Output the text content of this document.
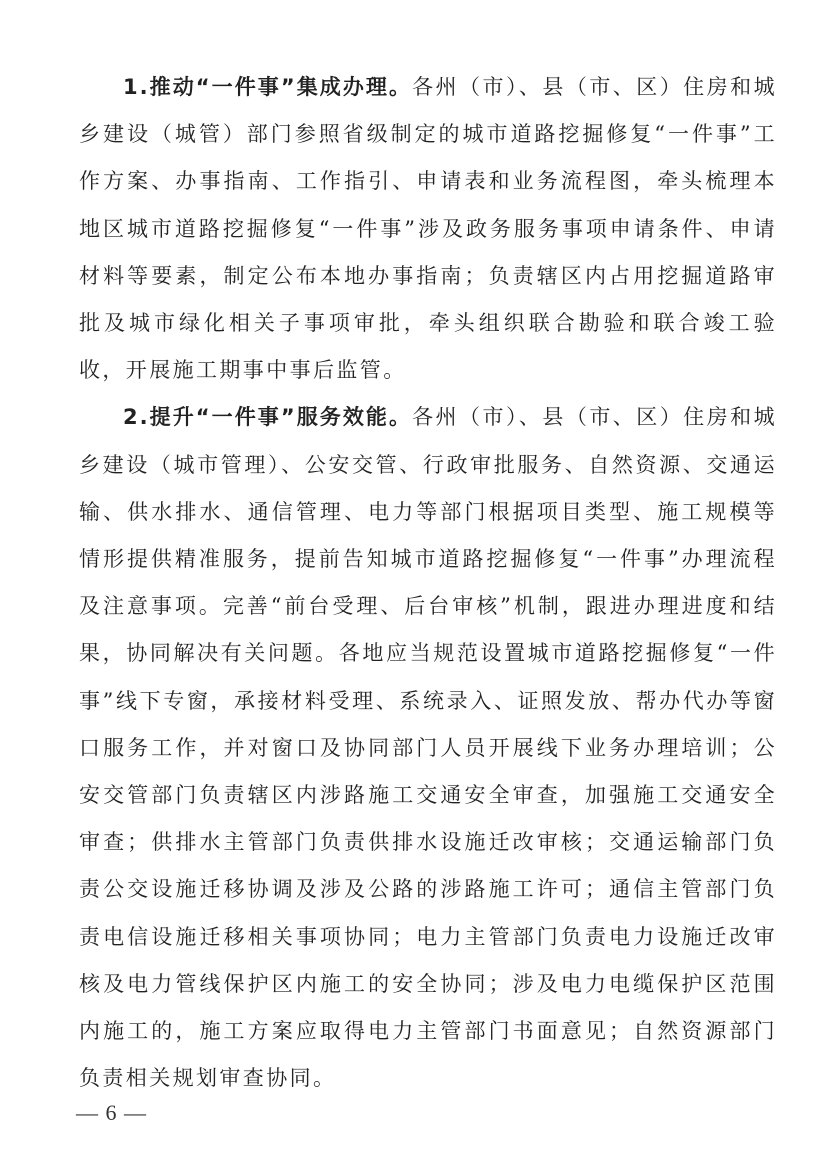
1.推动“一件事”集成办理。各州（市）、县（市、区）住房和城乡建设（城管）部门参照省级制定的城市道路挖掘修复“一件事”工作方案、办事指南、工作指引、申请表和业务流程图，牵头梳理本地区城市道路挖掘修复“一件事”涉及政务服务事项申请条件、申请材料等要素，制定公布本地办事指南；负责辖区内占用挖掘道路审批及城市绿化相关子事项审批，牵头组织联合勘验和联合竣工验收，开展施工期事中事后监管。

2.提升“一件事”服务效能。各州（市）、县（市、区）住房和城乡建设（城市管理）、公安交管、行政审批服务、自然资源、交通运输、供水排水、通信管理、电力等部门根据项目类型、施工规模等情形提供精准服务，提前告知城市道路挖掘修复“一件事”办理流程及注意事项。完善“前台受理、后台审核”机制，跟进办理进度和结果，协同解决有关问题。各地应当规范设置城市道路挖掘修复“一件事”线下专窗，承接材料受理、系统录入、证照发放、帮办代办等窗口服务工作，并对窗口及协同部门人员开展线下业务办理培训；公安交管部门负责辖区内涉路施工交通安全审查，加强施工交通安全审查；供排水主管部门负责供排水设施迁改审核；交通运输部门负责公交设施迁移协调及涉及公路的涉路施工许可；通信主管部门负责电信设施迁移相关事项协同；电力主管部门负责电力设施迁改审核及电力管线保护区内施工的安全协同；涉及电力电缆保护区范围内施工的，施工方案应取得电力主管部门书面意见；自然资源部门负责相关规划审查协同。

— 6 —
